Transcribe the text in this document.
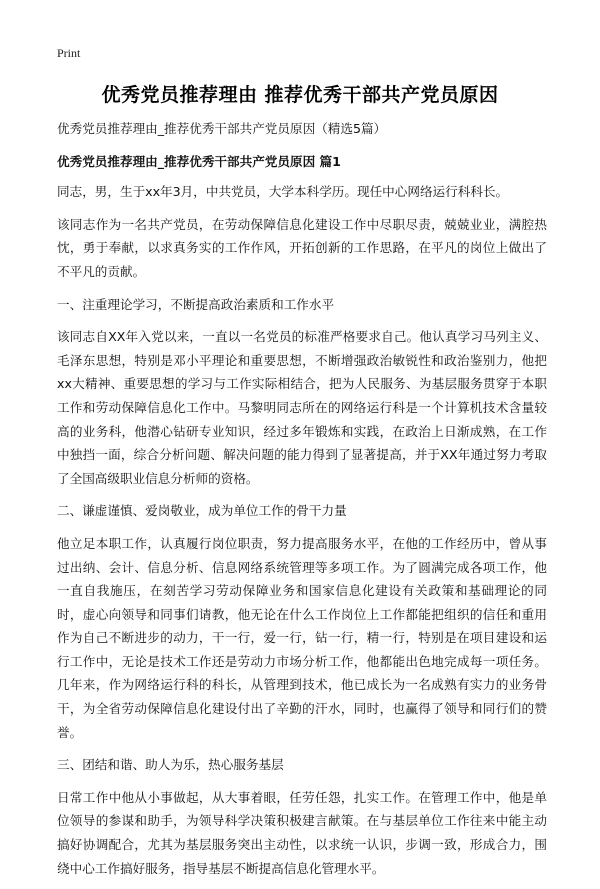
Print
优秀党员推荐理由 推荐优秀干部共产党员原因

优秀党员推荐理由_推荐优秀干部共产党员原因（精选5篇）

优秀党员推荐理由_推荐优秀干部共产党员原因 篇1

同志，男，生于xx年3月，中共党员，大学本科学历。现任中心网络运行科科长。

该同志作为一名共产党员，在劳动保障信息化建设工作中尽职尽责，兢兢业业，满腔热忱，勇于奉献，以求真务实的工作作风，开拓创新的工作思路，在平凡的岗位上做出了不平凡的贡献。

一、注重理论学习，不断提高政治素质和工作水平

该同志自XX年入党以来，一直以一名党员的标准严格要求自己。他认真学习马列主义、毛泽东思想，特别是邓小平理论和重要思想，不断增强政治敏锐性和政治鉴别力，他把xx大精神、重要思想的学习与工作实际相结合，把为人民服务、为基层服务贯穿于本职工作和劳动保障信息化工作中。马黎明同志所在的网络运行科是一个计算机技术含量较高的业务科，他潜心钻研专业知识，经过多年锻炼和实践，在政治上日渐成熟，在工作中独挡一面，综合分析问题、解决问题的能力得到了显著提高，并于XX年通过努力考取了全国高级职业信息分析师的资格。

二、谦虚谨慎、爱岗敬业，成为单位工作的骨干力量

他立足本职工作，认真履行岗位职责，努力提高服务水平，在他的工作经历中，曾从事过出纳、会计、信息分析、信息网络系统管理等多项工作。为了圆满完成各项工作，他一直自我施压，在刻苦学习劳动保障业务和国家信息化建设有关政策和基础理论的同时，虚心向领导和同事们请教，他无论在什么工作岗位上工作都能把组织的信任和重用作为自己不断进步的动力，干一行，爱一行，钻一行，精一行，特别是在项目建设和运行工作中，无论是技术工作还是劳动力市场分析工作，他都能出色地完成每一项任务。几年来，作为网络运行科的科长，从管理到技术，他已成长为一名成熟有实力的业务骨干，为全省劳动保障信息化建设付出了辛勤的汗水，同时，也赢得了领导和同行们的赞誉。

三、团结和谐、助人为乐，热心服务基层

日常工作中他从小事做起，从大事着眼，任劳任怨，扎实工作。在管理工作中，他是单位领导的参谋和助手，为领导科学决策积极建言献策。在与基层单位工作往来中能主动搞好协调配合，尤其为基层服务突出主动性，以求统一认识，步调一致，形成合力，围绕中心工作搞好服务，指导基层不断提高信息化管理水平。
